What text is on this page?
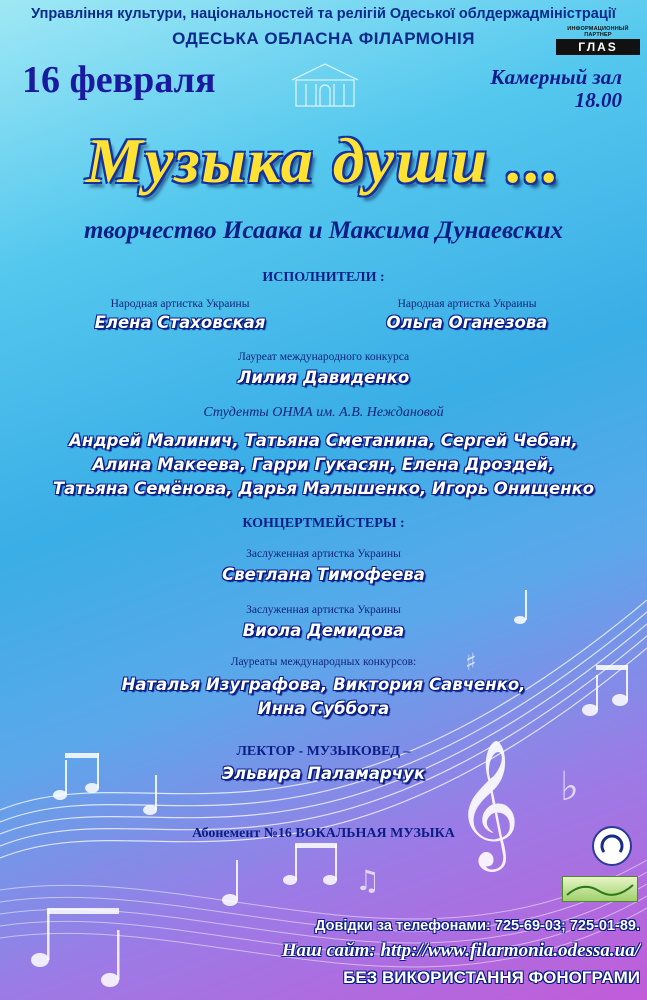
𝄞 ♭
♯
♫
Управління культури, національностей та релігій Одеської облдержадміністрації
ОДЕСЬКА ОБЛАСНА ФІЛАРМОНІЯ	ИНФОРМАЦИОННЫЙ ПАРТНЕР
ГЛАS
16 февраля	Камерный зал
18.00
Музыка души ...
творчество Исаака и Максима Дунаевских
ИСПОЛНИТЕЛИ :
Народная артистка Украины
Елена Стаховская
Народная артистка Украины
Ольга Оганезова
Лауреат международного конкурса
Лилия Давиденко
Студенты ОНМА им. А.В. Неждановой
Андрей Малинич, Татьяна Сметанина, Сергей Чебан,
Алина Макеева, Гарри Гукасян, Елена Дроздей,
Татьяна Семёнова, Дарья Малышенко, Игорь Онищенко
КОНЦЕРТМЕЙСТЕРЫ :
Заслуженная артистка Украины
Светлана Тимофеева
Заслуженная артистка Украины
Виола Демидова
Лауреаты международных конкурсов:
Наталья Изуграфова, Виктория Савченко,
Инна Суббота
ЛЕКТОР - МУЗЫКОВЕД –
Эльвира Паламарчук
Абонемент №16 ВОКАЛЬНАЯ МУЗЫКА
Довідки за телефонами: 725-69-03; 725-01-89.
Наш сайт: http://www.filarmonia.odessa.ua/
БЕЗ ВИКОРИСТАННЯ ФОНОГРАМИ
